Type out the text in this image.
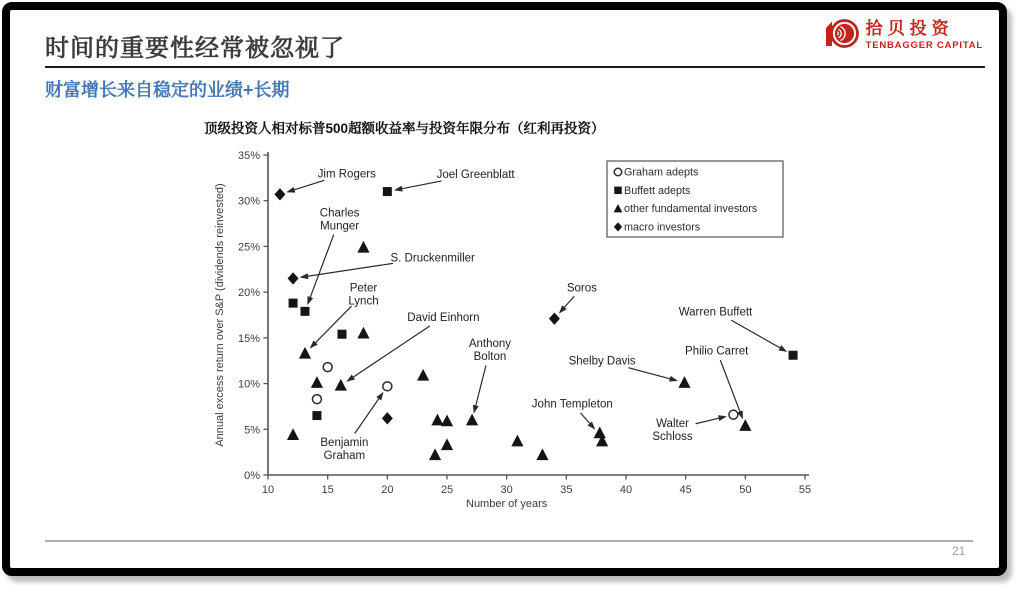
时间的重要性经常被忽视了
财富增长来自稳定的业绩+长期
拾贝投资
TENBAGGER CAPITAL
顶级投资人相对标普500超额收益率与投资年限分布（红利再投资）
10	15	20	25	30	35	40	45	50	55
0%
5%
10%
15%
20%
25%
30%
35%
Number of years
Annual excess return over S&P (dividends reinvested)
Graham adepts
Buffett adepts
other fundamental investors
macro investors
Jim Rogers	Joel Greenblatt
Charles Munger
S. Druckenmiller
Peter Lynch
David Einhorn
Anthony Bolton
Soros
Shelby Davis
John Templeton
Warren Buffett
Philio Carret
Walter Schloss
Benjamin Graham
21
